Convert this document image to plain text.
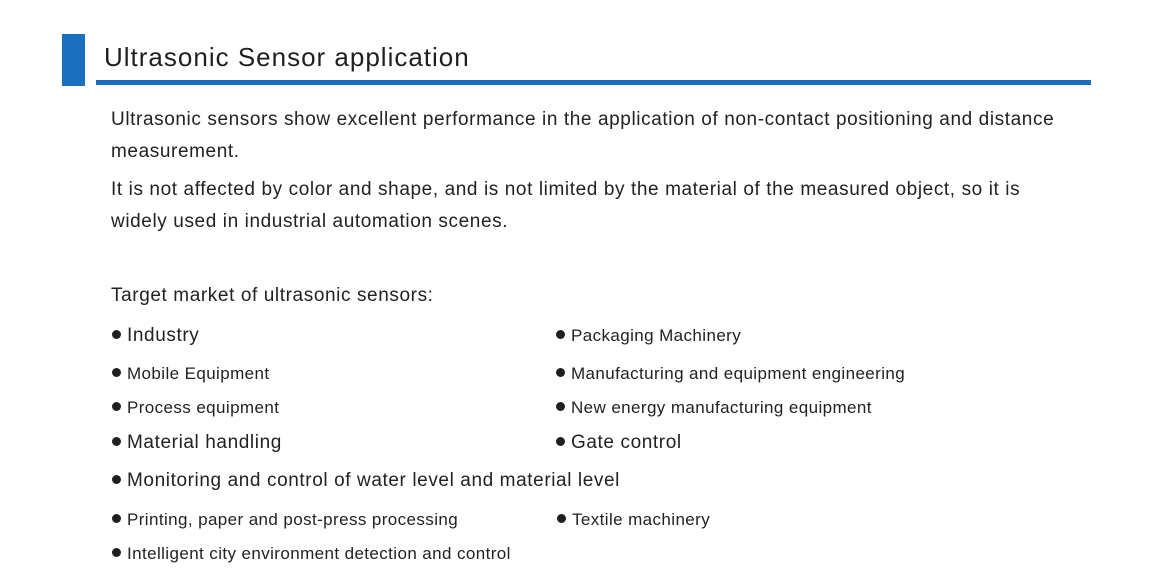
Ultrasonic Sensor application

Ultrasonic sensors show excellent performance in the application of non-contact positioning and distance measurement.

It is not affected by color and shape, and is not limited by the material of the measured object, so it is widely used in industrial automation scenes.

Target market of ultrasonic sensors:
Industry	Packaging Machinery
Mobile Equipment	Manufacturing and equipment engineering
Process equipment	New energy manufacturing equipment
Material handling	Gate control
Monitoring and control of water level and material level
Printing, paper and post-press processing	Textile machinery
Intelligent city environment detection and control
